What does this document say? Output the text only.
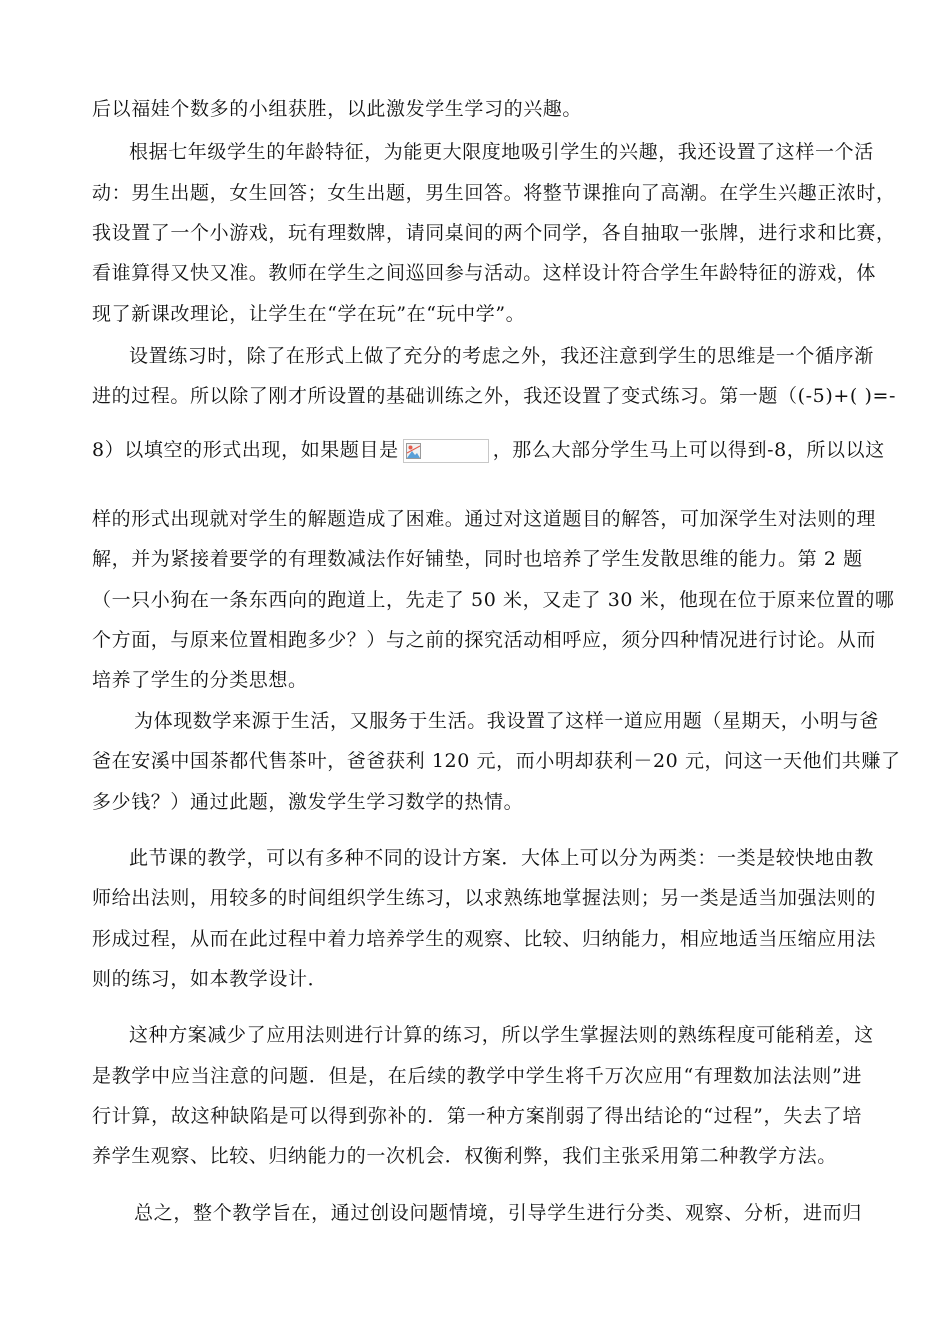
后以福娃个数多的小组获胜，以此激发学生学习的兴趣。
根据七年级学生的年龄特征，为能更大限度地吸引学生的兴趣，我还设置了这样一个活
动：男生出题，女生回答；女生出题，男生回答。将整节课推向了高潮。在学生兴趣正浓时，
我设置了一个小游戏，玩有理数牌，请同桌间的两个同学，各自抽取一张牌，进行求和比赛，
看谁算得又快又准。教师在学生之间巡回参与活动。这样设计符合学生年龄特征的游戏，体
现了新课改理论，让学生在“学在玩”在“玩中学”。
设置练习时，除了在形式上做了充分的考虑之外，我还注意到学生的思维是一个循序渐
进的过程。所以除了刚才所设置的基础训练之外，我还设置了变式练习。第一题（(-5)+( )=-
8）以填空的形式出现，如果题目是	，那么大部分学生马上可以得到-8，所以以这
样的形式出现就对学生的解题造成了困难。通过对这道题目的解答，可加深学生对法则的理
解，并为紧接着要学的有理数减法作好铺垫，同时也培养了学生发散思维的能力。第 2 题
（一只小狗在一条东西向的跑道上，先走了 50 米，又走了 30 米，他现在位于原来位置的哪
个方面，与原来位置相跑多少？）与之前的探究活动相呼应，须分四种情况进行讨论。从而
培养了学生的分类思想。
为体现数学来源于生活，又服务于生活。我设置了这样一道应用题（星期天，小明与爸
爸在安溪中国茶都代售茶叶，爸爸获利 120 元，而小明却获利－20 元，问这一天他们共赚了
多少钱？）通过此题，激发学生学习数学的热情。
此节课的教学，可以有多种不同的设计方案．大体上可以分为两类：一类是较快地由教
师给出法则，用较多的时间组织学生练习，以求熟练地掌握法则；另一类是适当加强法则的
形成过程，从而在此过程中着力培养学生的观察、比较、归纳能力，相应地适当压缩应用法
则的练习，如本教学设计．
这种方案减少了应用法则进行计算的练习，所以学生掌握法则的熟练程度可能稍差，这
是教学中应当注意的问题．但是，在后续的教学中学生将千万次应用“有理数加法法则”进
行计算，故这种缺陷是可以得到弥补的．第一种方案削弱了得出结论的“过程”，失去了培
养学生观察、比较、归纳能力的一次机会．权衡利弊，我们主张采用第二种教学方法。
总之，整个教学旨在，通过创设问题情境，引导学生进行分类、观察、分析，进而归
